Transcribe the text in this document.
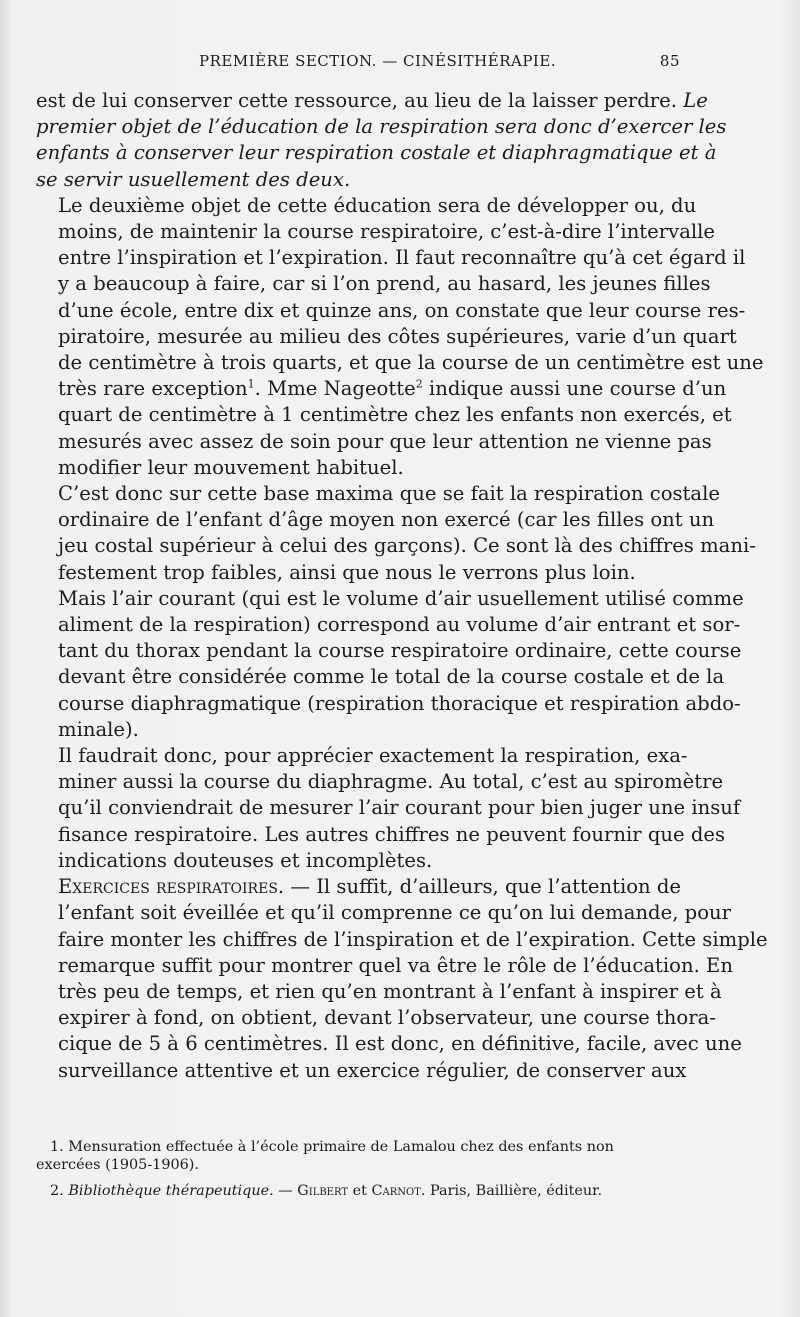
PREMIÈRE SECTION. — CINÉSITHÉRAPIE.	85

est de lui conserver cette ressource, au lieu de la laisser perdre. Le
premier objet de l’éducation de la respiration sera donc d’exercer les
enfants à conserver leur respiration costale et diaphragmatique et à
se servir usuellement des deux.

Le deuxième objet de cette éducation sera de développer ou, du
moins, de maintenir la course respiratoire, c’est-à-dire l’intervalle
entre l’inspiration et l’expiration. Il faut reconnaître qu’à cet égard il
y a beaucoup à faire, car si l’on prend, au hasard, les jeunes filles
d’une école, entre dix et quinze ans, on constate que leur course res-
piratoire, mesurée au milieu des côtes supérieures, varie d’un quart
de centimètre à trois quarts, et que la course de un centimètre est une
très rare exception$^1$. Mme Nageotte$^2$ indique aussi une course d’un
quart de centimètre à 1 centimètre chez les enfants non exercés, et
mesurés avec assez de soin pour que leur attention ne vienne pas
modifier leur mouvement habituel.

C’est donc sur cette base maxima que se fait la respiration costale
ordinaire de l’enfant d’âge moyen non exercé (car les filles ont un
jeu costal supérieur à celui des garçons). Ce sont là des chiffres mani-
festement trop faibles, ainsi que nous le verrons plus loin.

Mais l’air courant (qui est le volume d’air usuellement utilisé comme
aliment de la respiration) correspond au volume d’air entrant et sor-
tant du thorax pendant la course respiratoire ordinaire, cette course
devant être considérée comme le total de la course costale et de la
course diaphragmatique (respiration thoracique et respiration abdo-
minale).

Il faudrait donc, pour apprécier exactement la respiration, exa-
miner aussi la course du diaphragme. Au total, c’est au spiromètre
qu’il conviendrait de mesurer l’air courant pour bien juger une insuf
fisance respiratoire. Les autres chiffres ne peuvent fournir que des
indications douteuses et incomplètes.

Exercices respiratoires. — Il suffit, d’ailleurs, que l’attention de
l’enfant soit éveillée et qu’il comprenne ce qu’on lui demande, pour
faire monter les chiffres de l’inspiration et de l’expiration. Cette simple
remarque suffit pour montrer quel va être le rôle de l’éducation. En
très peu de temps, et rien qu’en montrant à l’enfant à inspirer et à
expirer à fond, on obtient, devant l’observateur, une course thora-
cique de 5 à 6 centimètres. Il est donc, en définitive, facile, avec une
surveillance attentive et un exercice régulier, de conserver aux

1. Mensuration effectuée à l’école primaire de Lamalou chez des enfants non exercées (1905-1906).
2. Bibliothèque thérapeutique. — Gilbert et Carnot. Paris, Baillière, éditeur.
